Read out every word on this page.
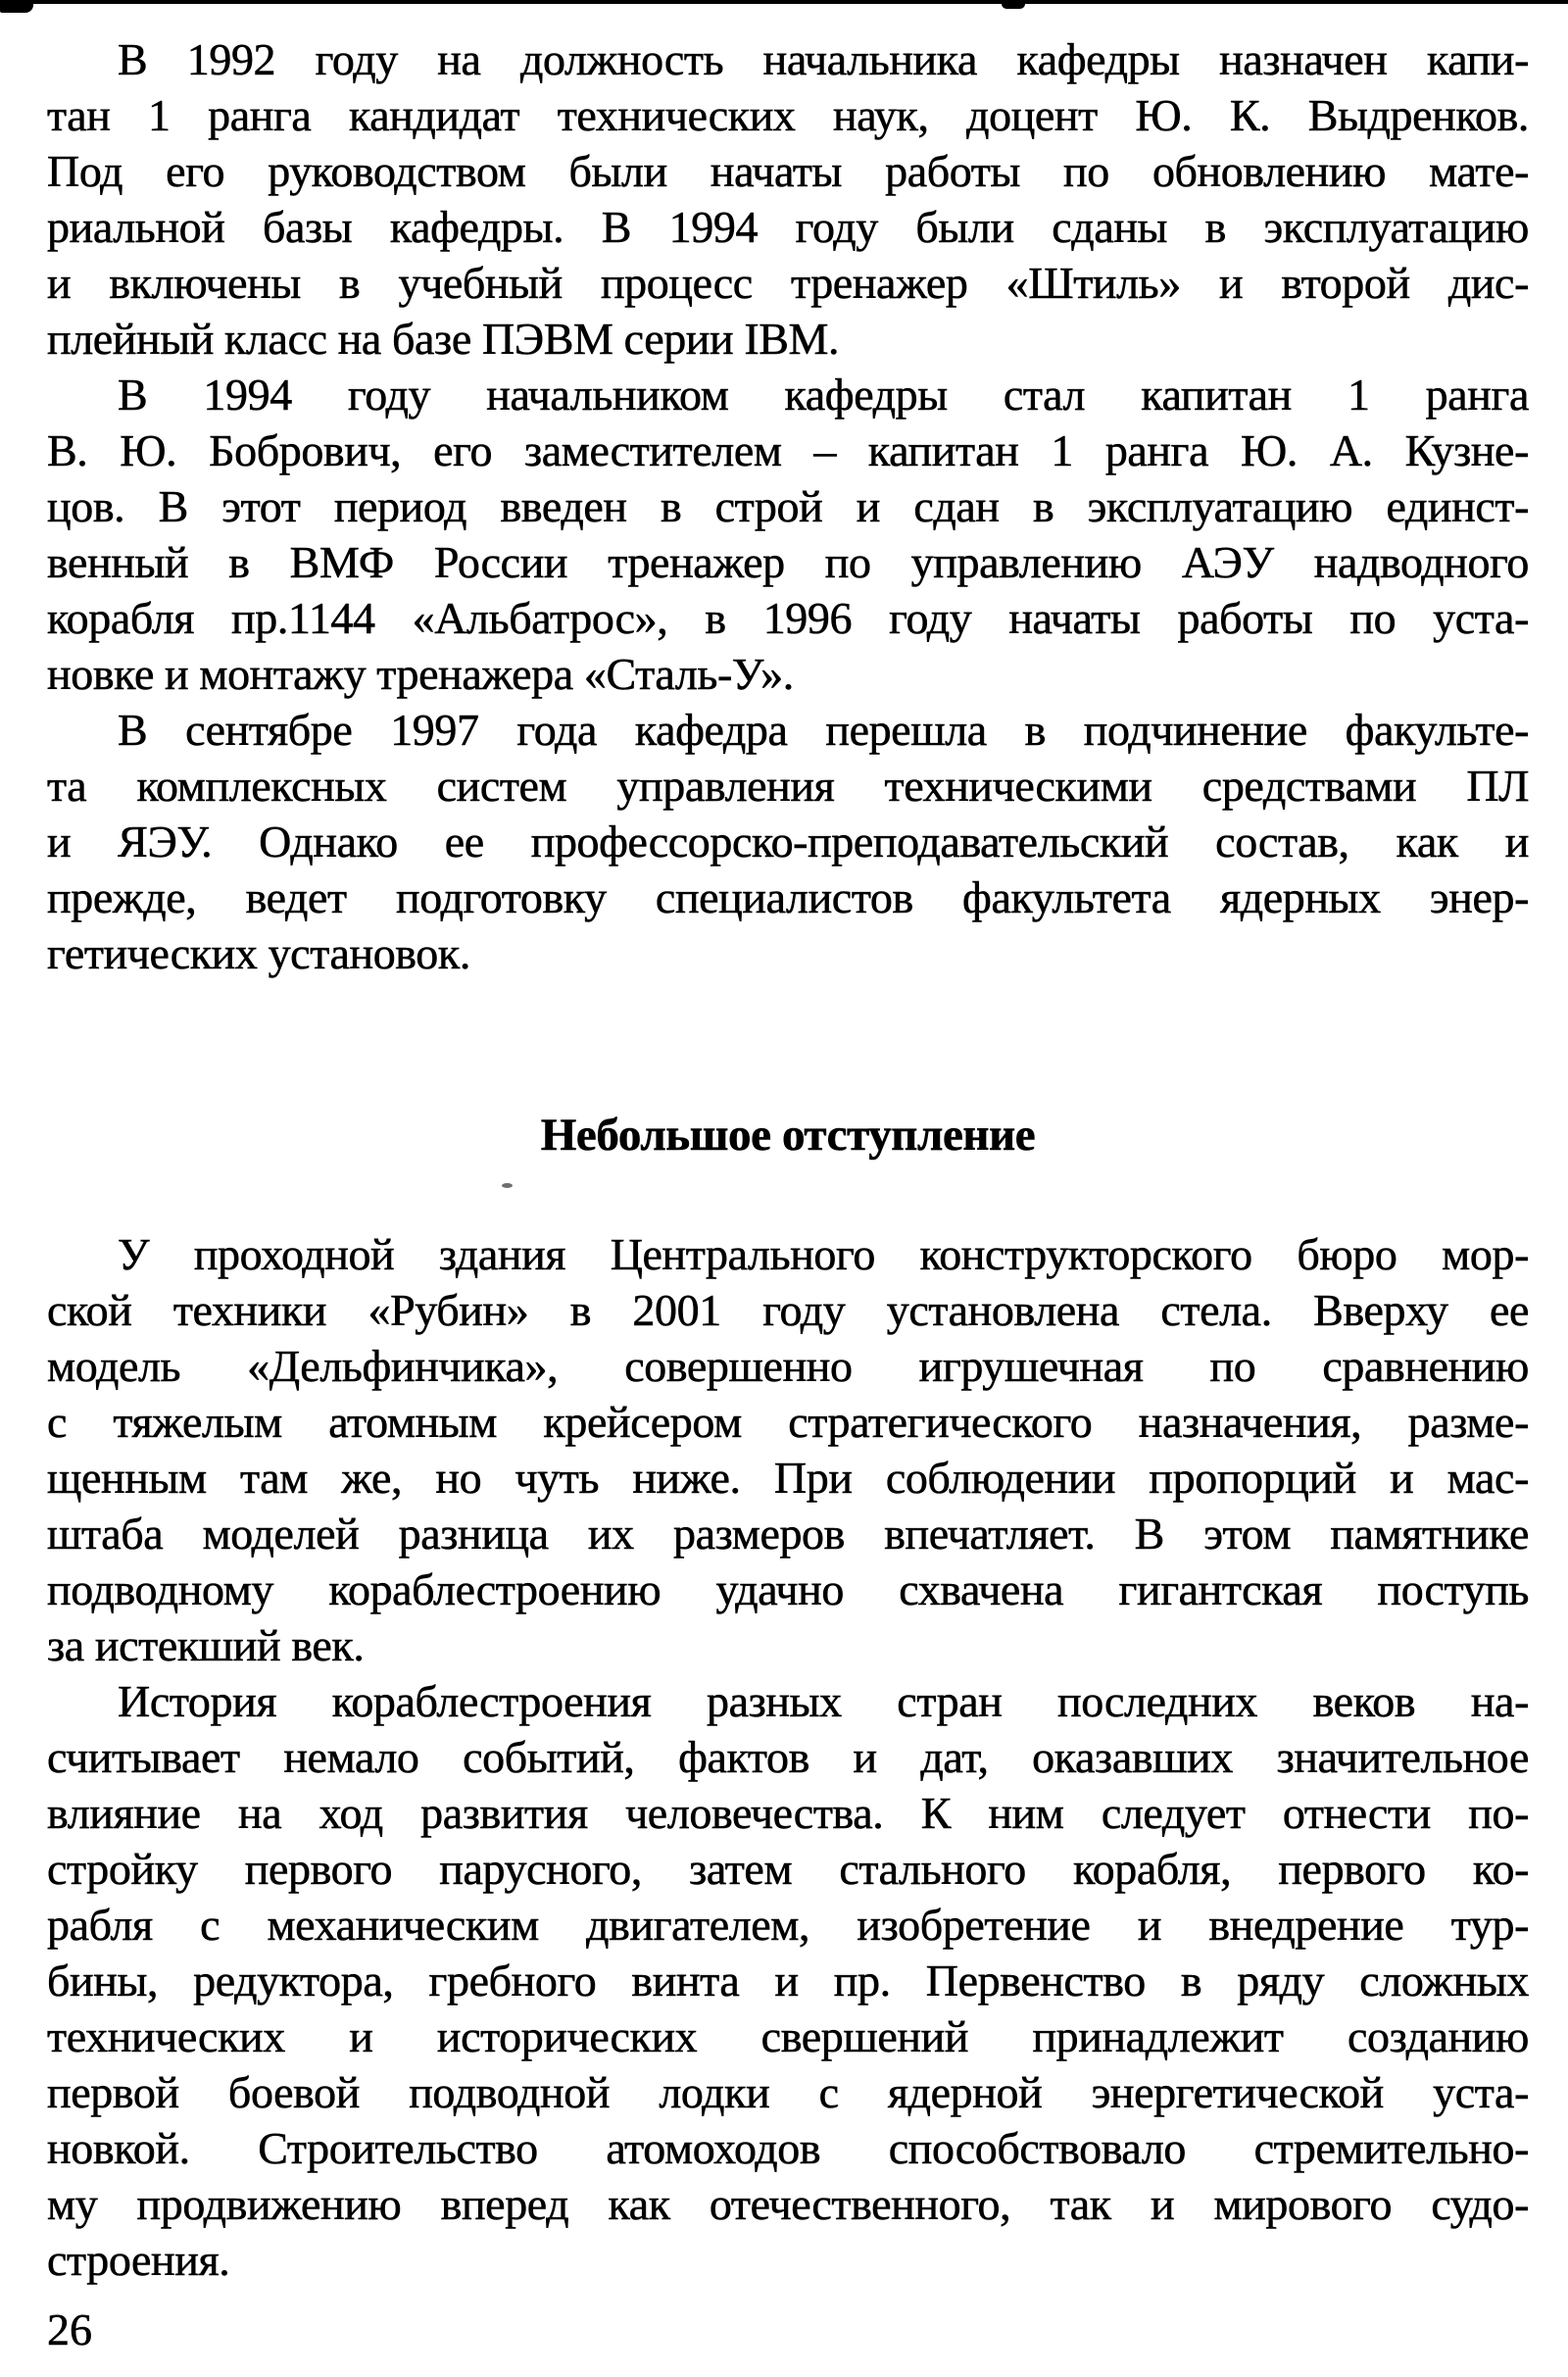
В 1992 году на должность начальника кафедры назначен капи-
тан 1 ранга кандидат технических наук, доцент Ю. К. Выдренков.
Под его руководством были начаты работы по обновлению мате-
риальной базы кафедры. В 1994 году были сданы в эксплуатацию
и включены в учебный процесс тренажер «Штиль» и второй дис-
плейный класс на базе ПЭВМ серии IBM.
В 1994 году начальником кафедры стал капитан 1 ранга
В. Ю. Бобрович, его заместителем – капитан 1 ранга Ю. А. Кузне-
цов. В этот период введен в строй и сдан в эксплуатацию единст-
венный в ВМФ России тренажер по управлению АЭУ надводного
корабля пр.1144 «Альбатрос», в 1996 году начаты работы по уста-
новке и монтажу тренажера «Сталь-У».
В сентябре 1997 года кафедра перешла в подчинение факульте-
та комплексных систем управления техническими средствами ПЛ
и ЯЭУ. Однако ее профессорско-преподавательский состав, как и
прежде, ведет подготовку специалистов факультета ядерных энер-
гетических установок.
Небольшое отступление
У проходной здания Центрального конструкторского бюро мор-
ской техники «Рубин» в 2001 году установлена стела. Вверху ее
модель «Дельфинчика», совершенно игрушечная по сравнению
с тяжелым атомным крейсером стратегического назначения, разме-
щенным там же, но чуть ниже. При соблюдении пропорций и мас-
штаба моделей разница их размеров впечатляет. В этом памятнике
подводному кораблестроению удачно схвачена гигантская поступь
за истекший век.
История кораблестроения разных стран последних веков на-
считывает немало событий, фактов и дат, оказавших значительное
влияние на ход развития человечества. К ним следует отнести по-
стройку первого парусного, затем стального корабля, первого ко-
рабля с механическим двигателем, изобретение и внедрение тур-
бины, редуктора, гребного винта и пр. Первенство в ряду сложных
технических и исторических свершений принадлежит созданию
первой боевой подводной лодки с ядерной энергетической уста-
новкой. Строительство атомоходов способствовало стремительно-
му продвижению вперед как отечественного, так и мирового судо-
строения.
26
